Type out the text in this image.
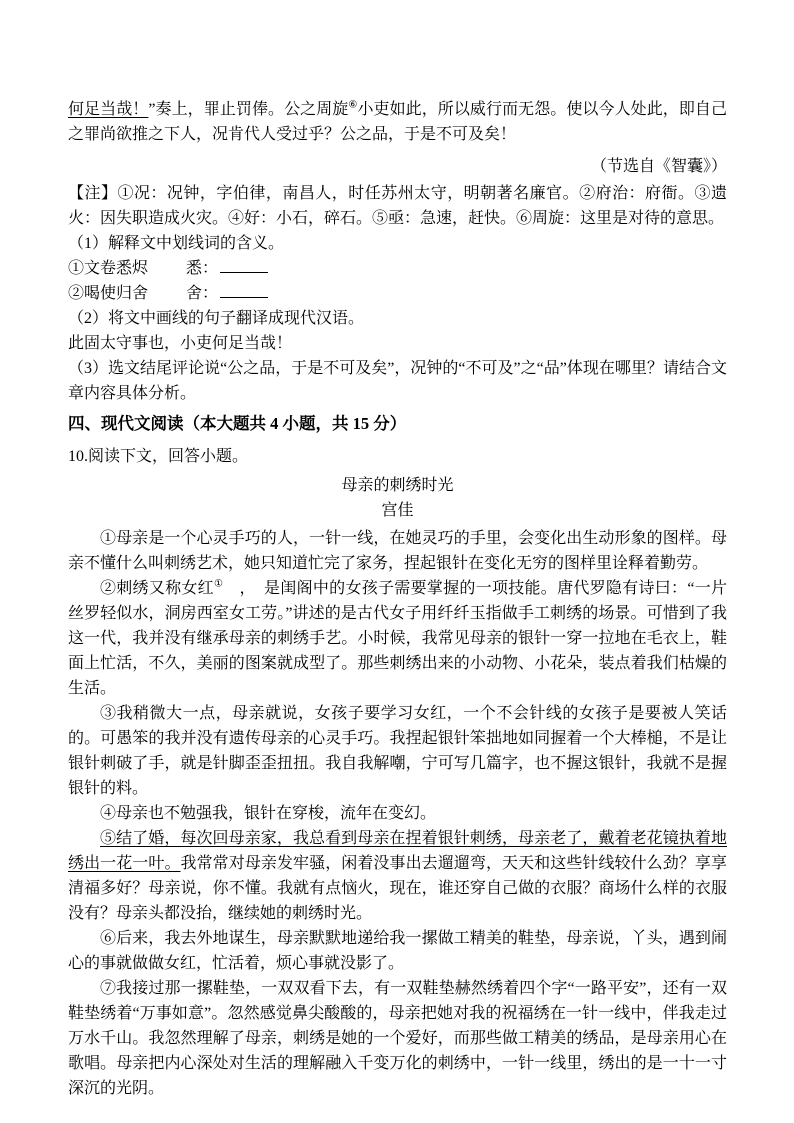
何足当哉！”奏上，罪止罚俸。公之周旋⑥小吏如此，所以威行而无怨。使以今人处此，即自己之罪尚欲推之下人，况肯代人受过乎？公之品，于是不可及矣！

（节选自《智囊》）

【注】①况：况钟，字伯律，南昌人，时任苏州太守，明朝著名廉官。②府治：府衙。③遗火：因失职造成火灾。④好：小石，碎石。⑤亟：急速，赶快。⑥周旋：这里是对待的意思。

（1）解释文中划线词的含义。

①文卷悉烬 悉：

②喝使归舍 舍：

（2）将文中画线的句子翻译成现代汉语。

此固太守事也，小吏何足当哉！

（3）选文结尾评论说“公之品，于是不可及矣”，况钟的“不可及”之“品”体现在哪里？请结合文章内容具体分析。

四、现代文阅读（本大题共 4 小题，共 15 分）

10.阅读下文，回答小题。

母亲的刺绣时光

宫佳

①母亲是一个心灵手巧的人，一针一线，在她灵巧的手里，会变化出生动形象的图样。母亲不懂什么叫刺绣艺术，她只知道忙完了家务，捏起银针在变化无穷的图样里诠释着勤劳。

②刺绣又称女红①　，　是闺阁中的女孩子需要掌握的一项技能。唐代罗隐有诗曰：“一片丝罗轻似水，洞房西室女工劳。”讲述的是古代女子用纤纤玉指做手工刺绣的场景。可惜到了我这一代，我并没有继承母亲的刺绣手艺。小时候，我常见母亲的银针一穿一拉地在毛衣上，鞋面上忙活，不久，美丽的图案就成型了。那些刺绣出来的小动物、小花朵，装点着我们枯燥的生活。

③我稍微大一点，母亲就说，女孩子要学习女红，一个不会针线的女孩子是要被人笑话的。可愚笨的我并没有遗传母亲的心灵手巧。我捏起银针笨拙地如同握着一个大棒槌，不是让银针刺破了手，就是针脚歪歪扭扭。我自我解嘲，宁可写几篇字，也不握这银针，我就不是握银针的料。

④母亲也不勉强我，银针在穿梭，流年在变幻。

⑤结了婚，每次回母亲家，我总看到母亲在捏着银针刺绣，母亲老了，戴着老花镜执着地绣出一花一叶。我常常对母亲发牢骚，闲着没事出去遛遛弯，天天和这些针线较什么劲？享享清福多好？母亲说，你不懂。我就有点恼火，现在，谁还穿自己做的衣服？商场什么样的衣服没有？母亲头都没抬，继续她的刺绣时光。

⑥后来，我去外地谋生，母亲默默地递给我一摞做工精美的鞋垫，母亲说，丫头，遇到闹心的事就做做女红，忙活着，烦心事就没影了。

⑦我接过那一摞鞋垫，一双双看下去，有一双鞋垫赫然绣着四个字“一路平安”，还有一双鞋垫绣着“万事如意”。忽然感觉鼻尖酸酸的，母亲把她对我的祝福绣在一针一线中，伴我走过万水千山。我忽然理解了母亲，刺绣是她的一个爱好，而那些做工精美的绣品，是母亲用心在歌唱。母亲把内心深处对生活的理解融入千变万化的刺绣中，一针一线里，绣出的是一十一寸深沉的光阴。
